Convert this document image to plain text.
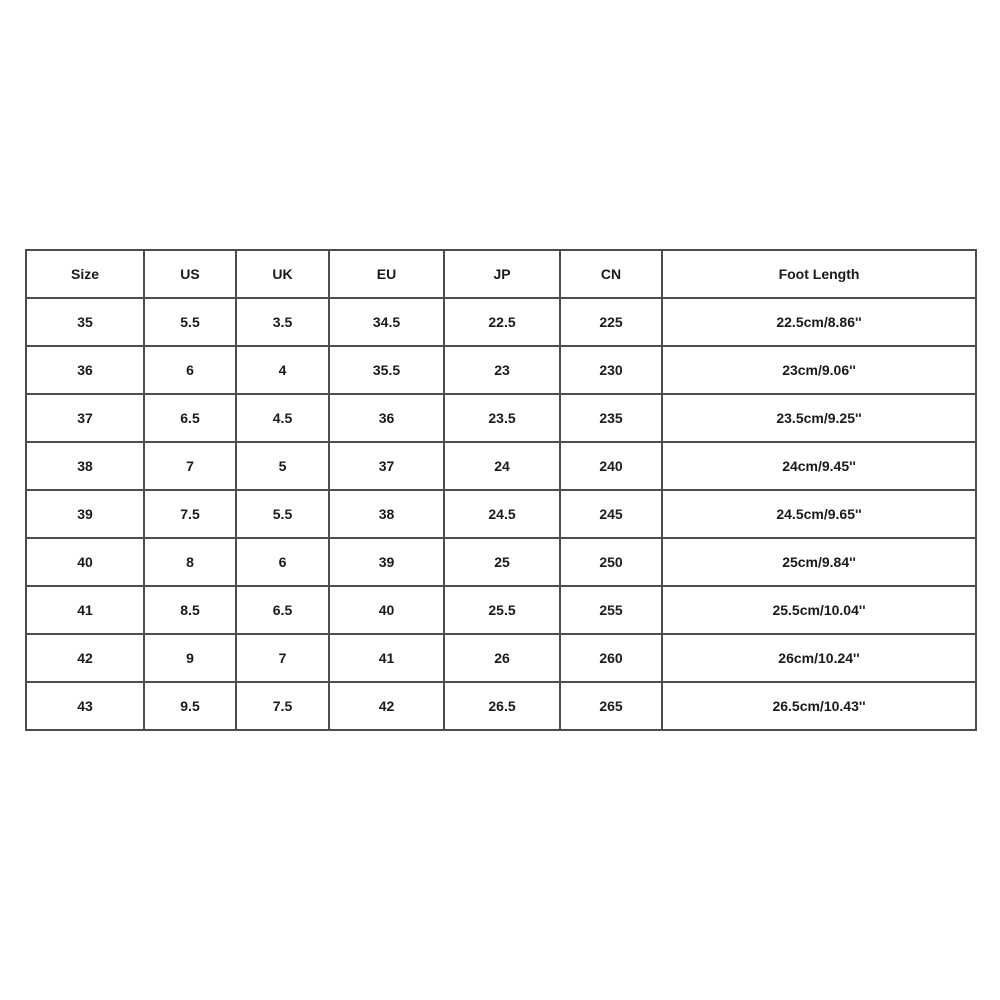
Size	US	UK	EU	JP	CN	Foot Length
35	5.5	3.5	34.5	22.5	225	22.5cm/8.86''
36	6	4	35.5	23	230	23cm/9.06''
37	6.5	4.5	36	23.5	235	23.5cm/9.25''
38	7	5	37	24	240	24cm/9.45''
39	7.5	5.5	38	24.5	245	24.5cm/9.65''
40	8	6	39	25	250	25cm/9.84''
41	8.5	6.5	40	25.5	255	25.5cm/10.04''
42	9	7	41	26	260	26cm/10.24''
43	9.5	7.5	42	26.5	265	26.5cm/10.43''
